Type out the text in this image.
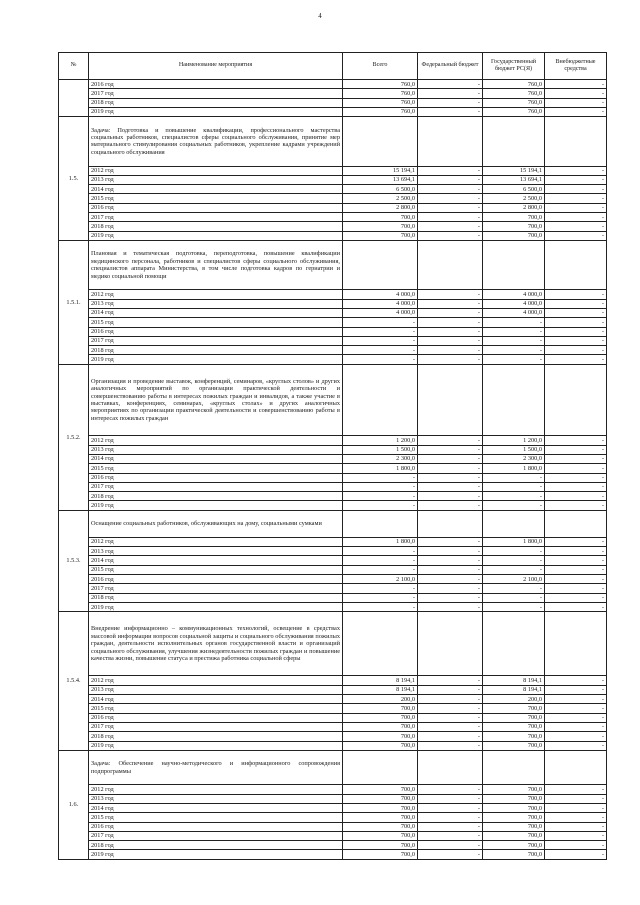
4
№	Наименование мероприятия	Всего	Федеральный бюджет	Государственный бюджет РС(Я)	Внебюджетные средства
	2016 год	760,0	-	760,0	-
	2017 год	760,0	-	760,0	-
	2018 год	760,0	-	760,0	-
	2019 год	760,0	-	760,0	-
1.5.	Задача: Подготовка и повышение квалификации, профессионального мастерства социальных работников, специалистов сферы социального обслуживания, принятие мер материального стимулирования социальных работников, укрепление кадрами учреждений социального обслуживания				
	2012 год	15 194,1	-	15 194,1	-
	2013 год	13 694,1	-	13 694,1	-
	2014 год	6 500,0	-	6 500,0	-
	2015 год	2 500,0	-	2 500,0	-
	2016 год	2 800,0	-	2 800,0	-
	2017 год	700,0	-	700,0	-
	2018 год	700,0	-	700,0	-
	2019 год	700,0	-	700,0	-
1.5.1.	Плановая и тематическая подготовка, переподготовка, повышение квалификации медицинского персонала, работников и специалистов сферы социального обслуживания, специалистов аппарата Министерства, в том числе подготовка кадров по гериатрии и медико социальной помощи				
	2012 год	4 000,0	-	4 000,0	-
	2013 год	4 000,0	-	4 000,0	-
	2014 год	4 000,0	-	4 000,0	-
	2015 год	-	-	-	-
	2016 год	-	-	-	-
	2017 год	-	-	-	-
	2018 год	-	-	-	-
	2019 год	-	-	-	-
1.5.2.	Организация и проведение выставок, конференций, семинаров, «круглых столов» и других аналогичных мероприятий по организации практической деятельности и совершенствованию работы в интересах пожилых граждан и инвалидов, а также участие в выставках, конференциях, семинарах, «круглых столах» и других аналогичных мероприятиях по организации практической деятельности и совершенствованию работы в интересах пожилых граждан				
	2012 год	1 200,0	-	1 200,0	-
	2013 год	1 500,0	-	1 500,0	-
	2014 год	2 300,0	-	2 300,0	-
	2015 год	1 800,0	-	1 800,0	-
	2016 год	-	-	-	-
	2017 год	-	-	-	-
	2018 год	-	-	-	-
	2019 год	-	-	-	-
1.5.3.	Оснащение социальных работников, обслуживающих на дому, социальными сумками				
	2012 год	1 800,0	-	1 800,0	-
	2013 год	-	-	-	-
	2014 год	-	-	-	-
	2015 год	-	-	-	-
	2016 год	2 100,0	-	2 100,0	-
	2017 год	-	-	-	-
	2018 год	-	-	-	-
	2019 год	-	-	-	-
1.5.4.	Внедрение информационно – коммуникационных технологий, освещение в средствах массовой информации вопросов социальной защиты и социального обслуживания пожилых граждан, деятельности исполнительных органов государственной власти и организаций социального обслуживания, улучшения жизнедеятельности пожилых граждан и повышение качества жизни, повышение статуса и престижа работника социальной сферы				
	2012 год	8 194,1	-	8 194,1	-
	2013 год	8 194,1	-	8 194,1	-
	2014 год	200,0	-	200,0	-
	2015 год	700,0	-	700,0	-
	2016 год	700,0	-	700,0	-
	2017 год	700,0	-	700,0	-
	2018 год	700,0	-	700,0	-
	2019 год	700,0	-	700,0	-
1.6.	Задача: Обеспечение научно-методического и информационного сопровождения подпрограммы				
	2012 год	700,0	-	700,0	-
	2013 год	700,0	-	700,0	-
	2014 год	700,0	-	700,0	-
	2015 год	700,0	-	700,0	-
	2016 год	700,0	-	700,0	-
	2017 год	700,0	-	700,0	-
	2018 год	700,0	-	700,0	-
	2019 год	700,0	-	700,0	-
